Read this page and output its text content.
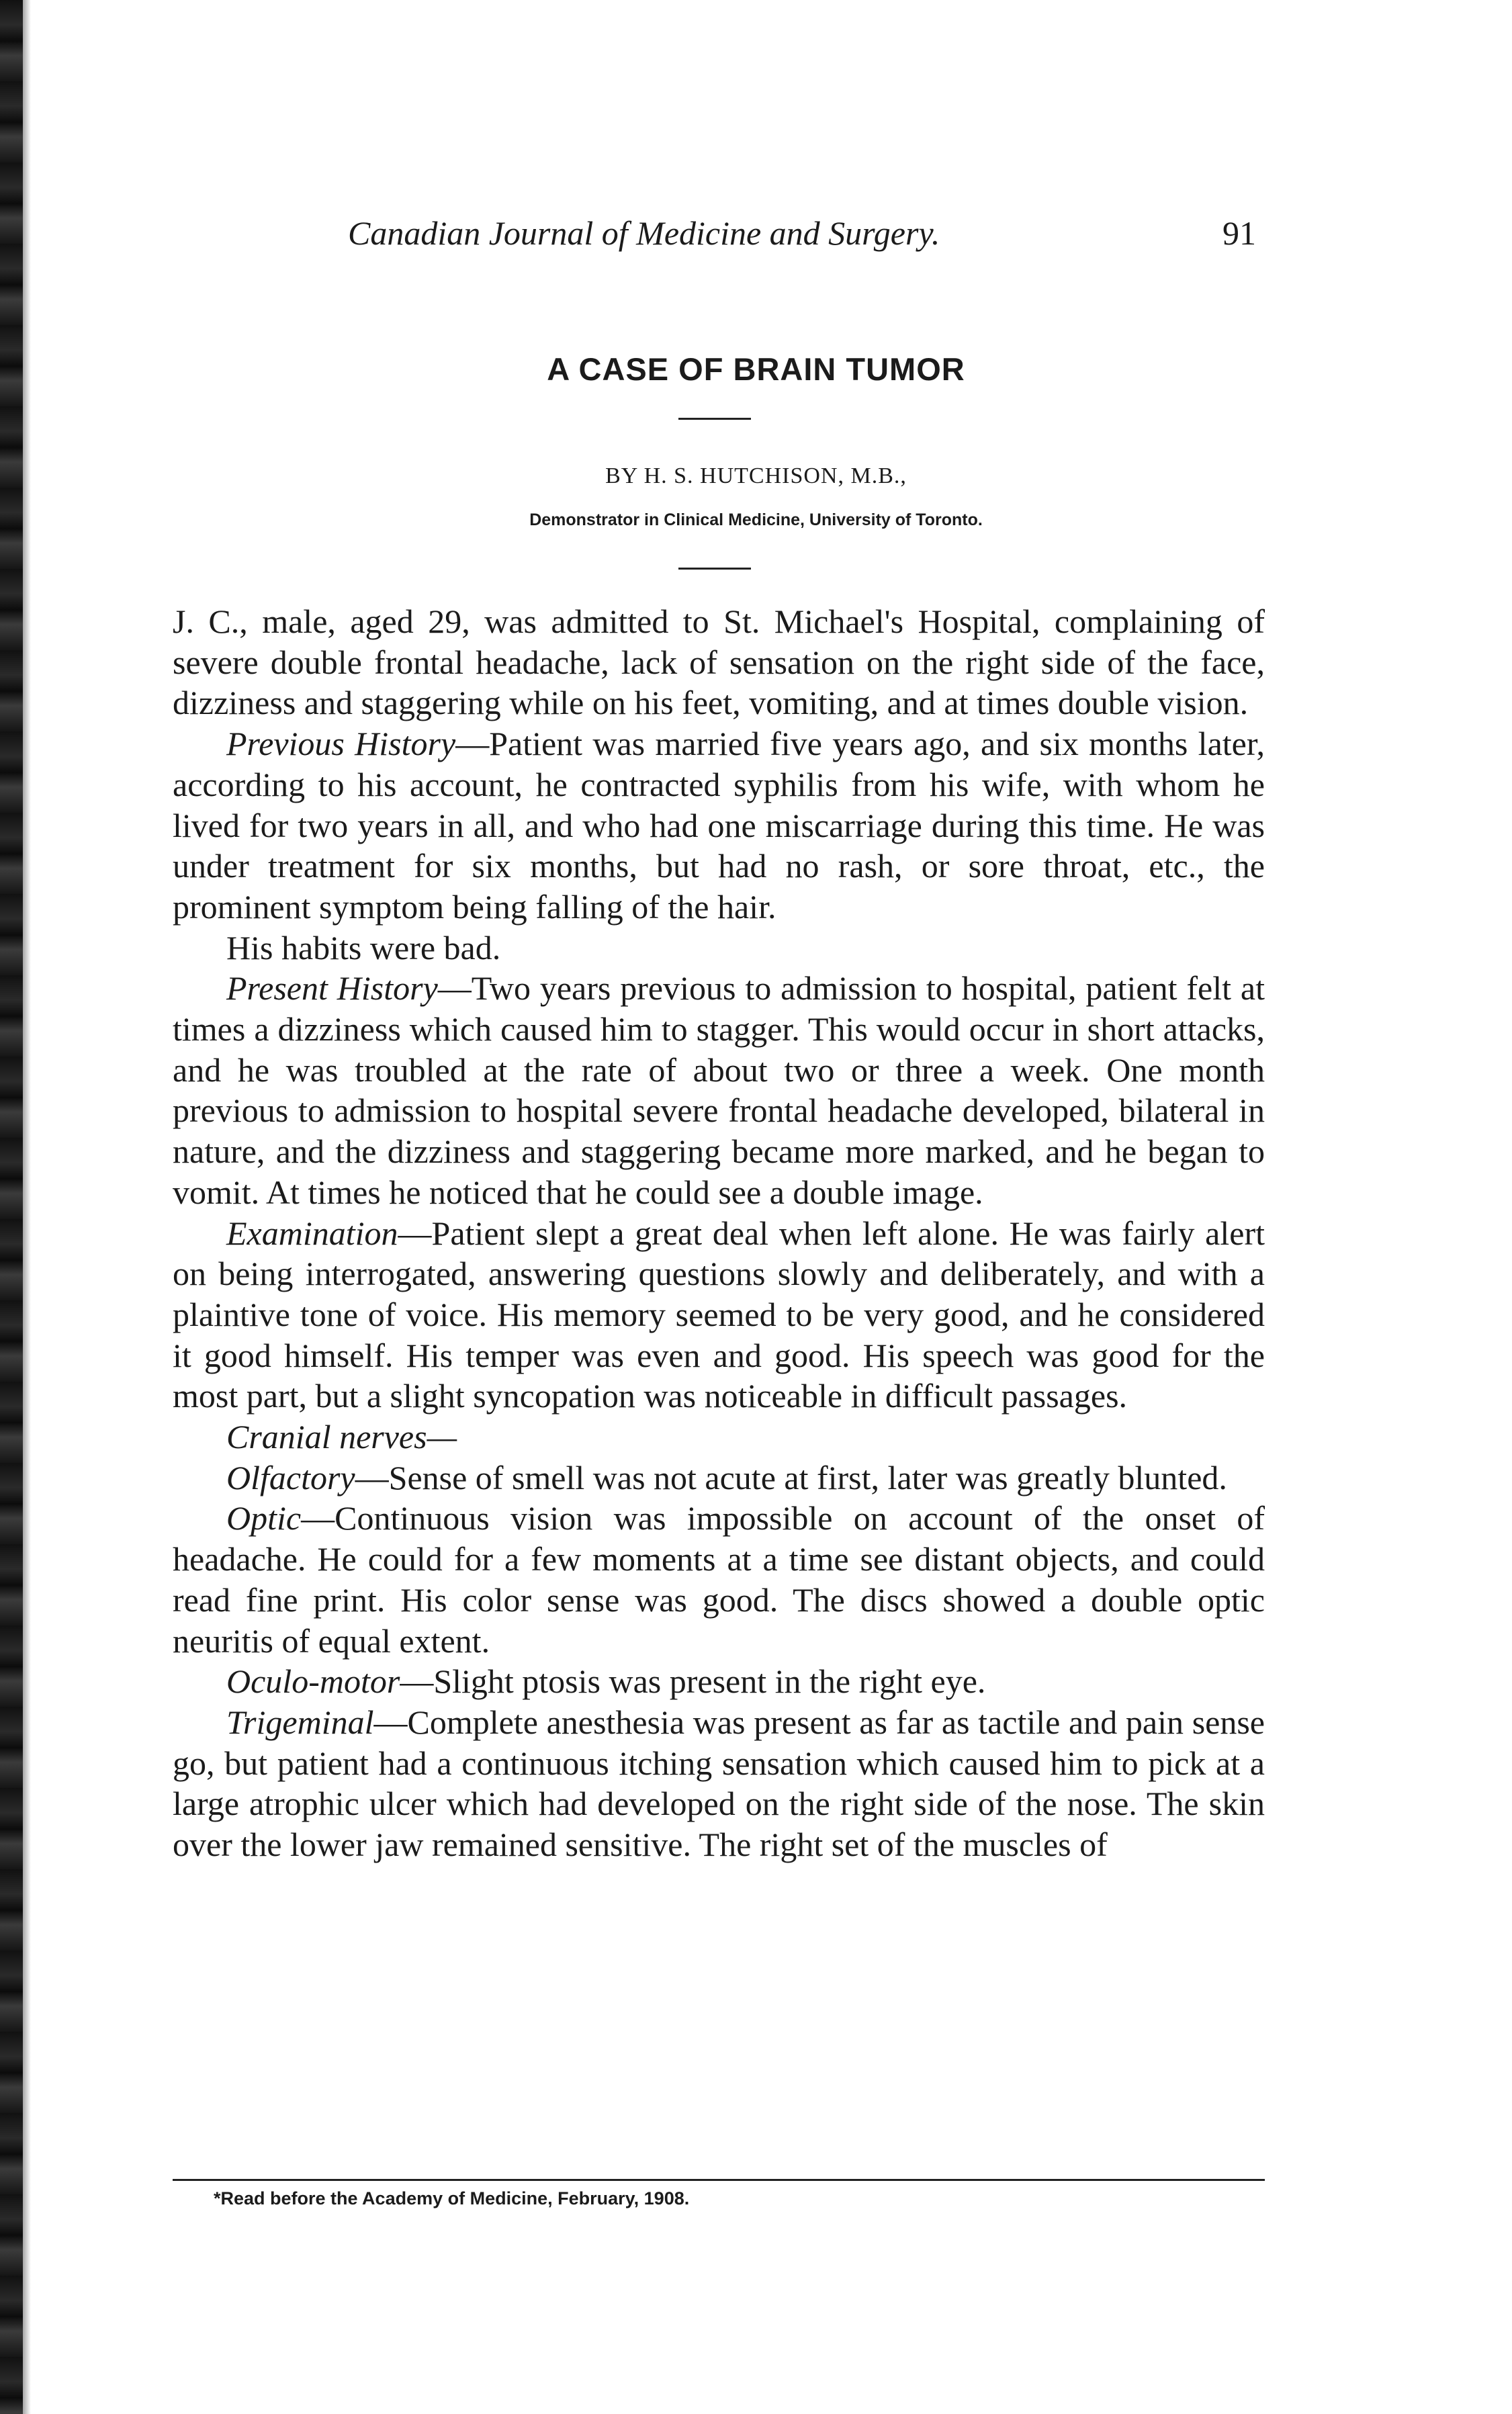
Canadian Journal of Medicine and Surgery.	91
A CASE OF BRAIN TUMOR
BY H. S. HUTCHISON, M.B.,
Demonstrator in Clinical Medicine, University of Toronto.

J. C., male, aged 29, was admitted to St. Michael's Hospital, complaining of severe double frontal headache, lack of sensation on the right side of the face, dizziness and staggering while on his feet, vomiting, and at times double vision.

Previous History—Patient was married five years ago, and six months later, according to his account, he contracted syphilis from his wife, with whom he lived for two years in all, and who had one miscarriage during this time. He was under treatment for six months, but had no rash, or sore throat, etc., the prominent symptom being falling of the hair.

His habits were bad.

Present History—Two years previous to admission to hospital, patient felt at times a dizziness which caused him to stagger. This would occur in short attacks, and he was troubled at the rate of about two or three a week. One month previous to admission to hospital severe frontal headache developed, bilateral in nature, and the dizziness and staggering became more marked, and he began to vomit. At times he noticed that he could see a double image.

Examination—Patient slept a great deal when left alone. He was fairly alert on being interrogated, answering questions slowly and deliberately, and with a plaintive tone of voice. His memory seemed to be very good, and he considered it good himself. His temper was even and good. His speech was good for the most part, but a slight syncopation was noticeable in difficult passages.

Cranial nerves—

Olfactory—Sense of smell was not acute at first, later was greatly blunted.

Optic—Continuous vision was impossible on account of the onset of headache. He could for a few moments at a time see distant objects, and could read fine print. His color sense was good. The discs showed a double optic neuritis of equal extent.

Oculo-motor—Slight ptosis was present in the right eye.

Trigeminal—Complete anesthesia was present as far as tactile and pain sense go, but patient had a continuous itching sensation which caused him to pick at a large atrophic ulcer which had developed on the right side of the nose. The skin over the lower jaw remained sensitive. The right set of the muscles of

*Read before the Academy of Medicine, February, 1908.
